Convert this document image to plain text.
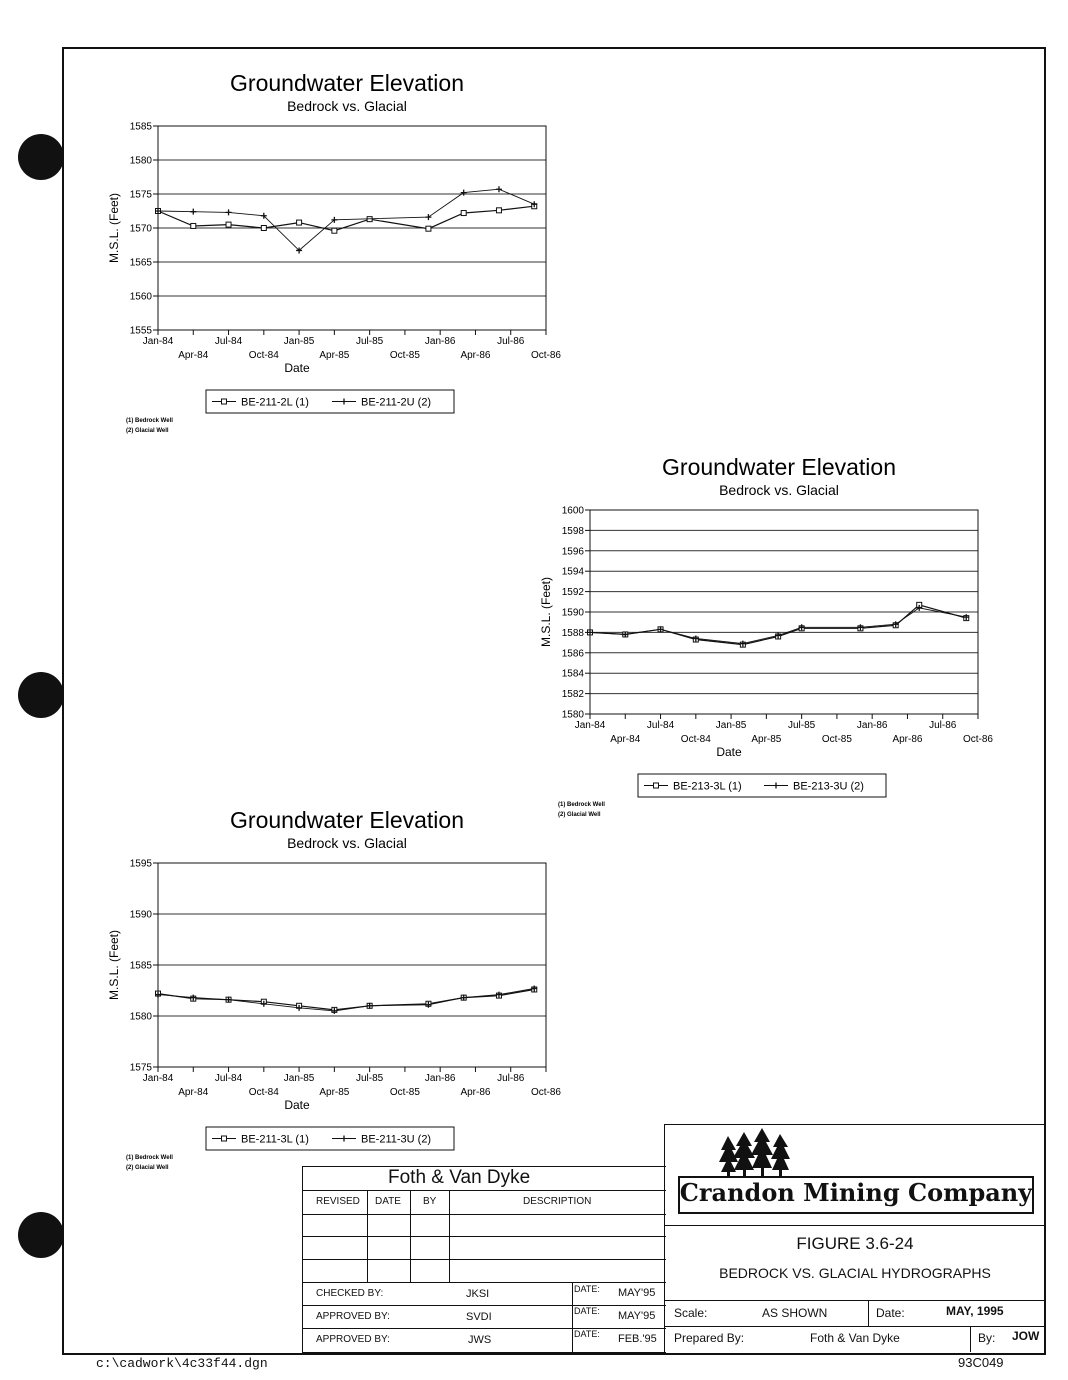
Groundwater Elevation
Bedrock vs. Glacial
1555
1560
1565
1570
1575
1580
1585
Jan-84	Jul-84	Jan-85	Jul-85	Jan-86	Jul-86
Apr-84	Oct-84	Apr-85	Oct-85	Apr-86	Oct-86
Date
M.S.L. (Feet)
BE-211-2L (1)	BE-211-2U (2)
(1) Bedrock Well
(2) Glacial Well
Groundwater Elevation
Bedrock vs. Glacial
1580
1582
1584
1586
1588
1590
1592
1594
1596
1598
1600
Jan-84	Jul-84	Jan-85	Jul-85	Jan-86	Jul-86
Apr-84	Oct-84	Apr-85	Oct-85	Apr-86	Oct-86
Date
M.S.L. (Feet)
BE-213-3L (1)	BE-213-3U (2)
(1) Bedrock Well
(2) Glacial Well
Groundwater Elevation
Bedrock vs. Glacial
1575
1580
1585
1590
1595
Jan-84	Jul-84	Jan-85	Jul-85	Jan-86	Jul-86
Apr-84	Oct-84	Apr-85	Oct-85	Apr-86	Oct-86
Date
M.S.L. (Feet)
BE-211-3L (1)	BE-211-3U (2)
(1) Bedrock Well
(2) Glacial Well	Foth & Van Dyke
REVISED DATE BY	DESCRIPTION
CHECKED BY:	JKSI	DATE: MAY'95
APPROVED BY:	SVDI	DATE: MAY'95
APPROVED BY:	JWS	DATE: FEB.'95
Crandon Mining Company
FIGURE 3.6-24
BEDROCK VS. GLACIAL HYDROGRAPHS
Scale:	AS SHOWN	Date:	MAY, 1995
Prepared By:	Foth & Van Dyke	By: JOW
c:\cadwork\4c33f44.dgn	93C049
